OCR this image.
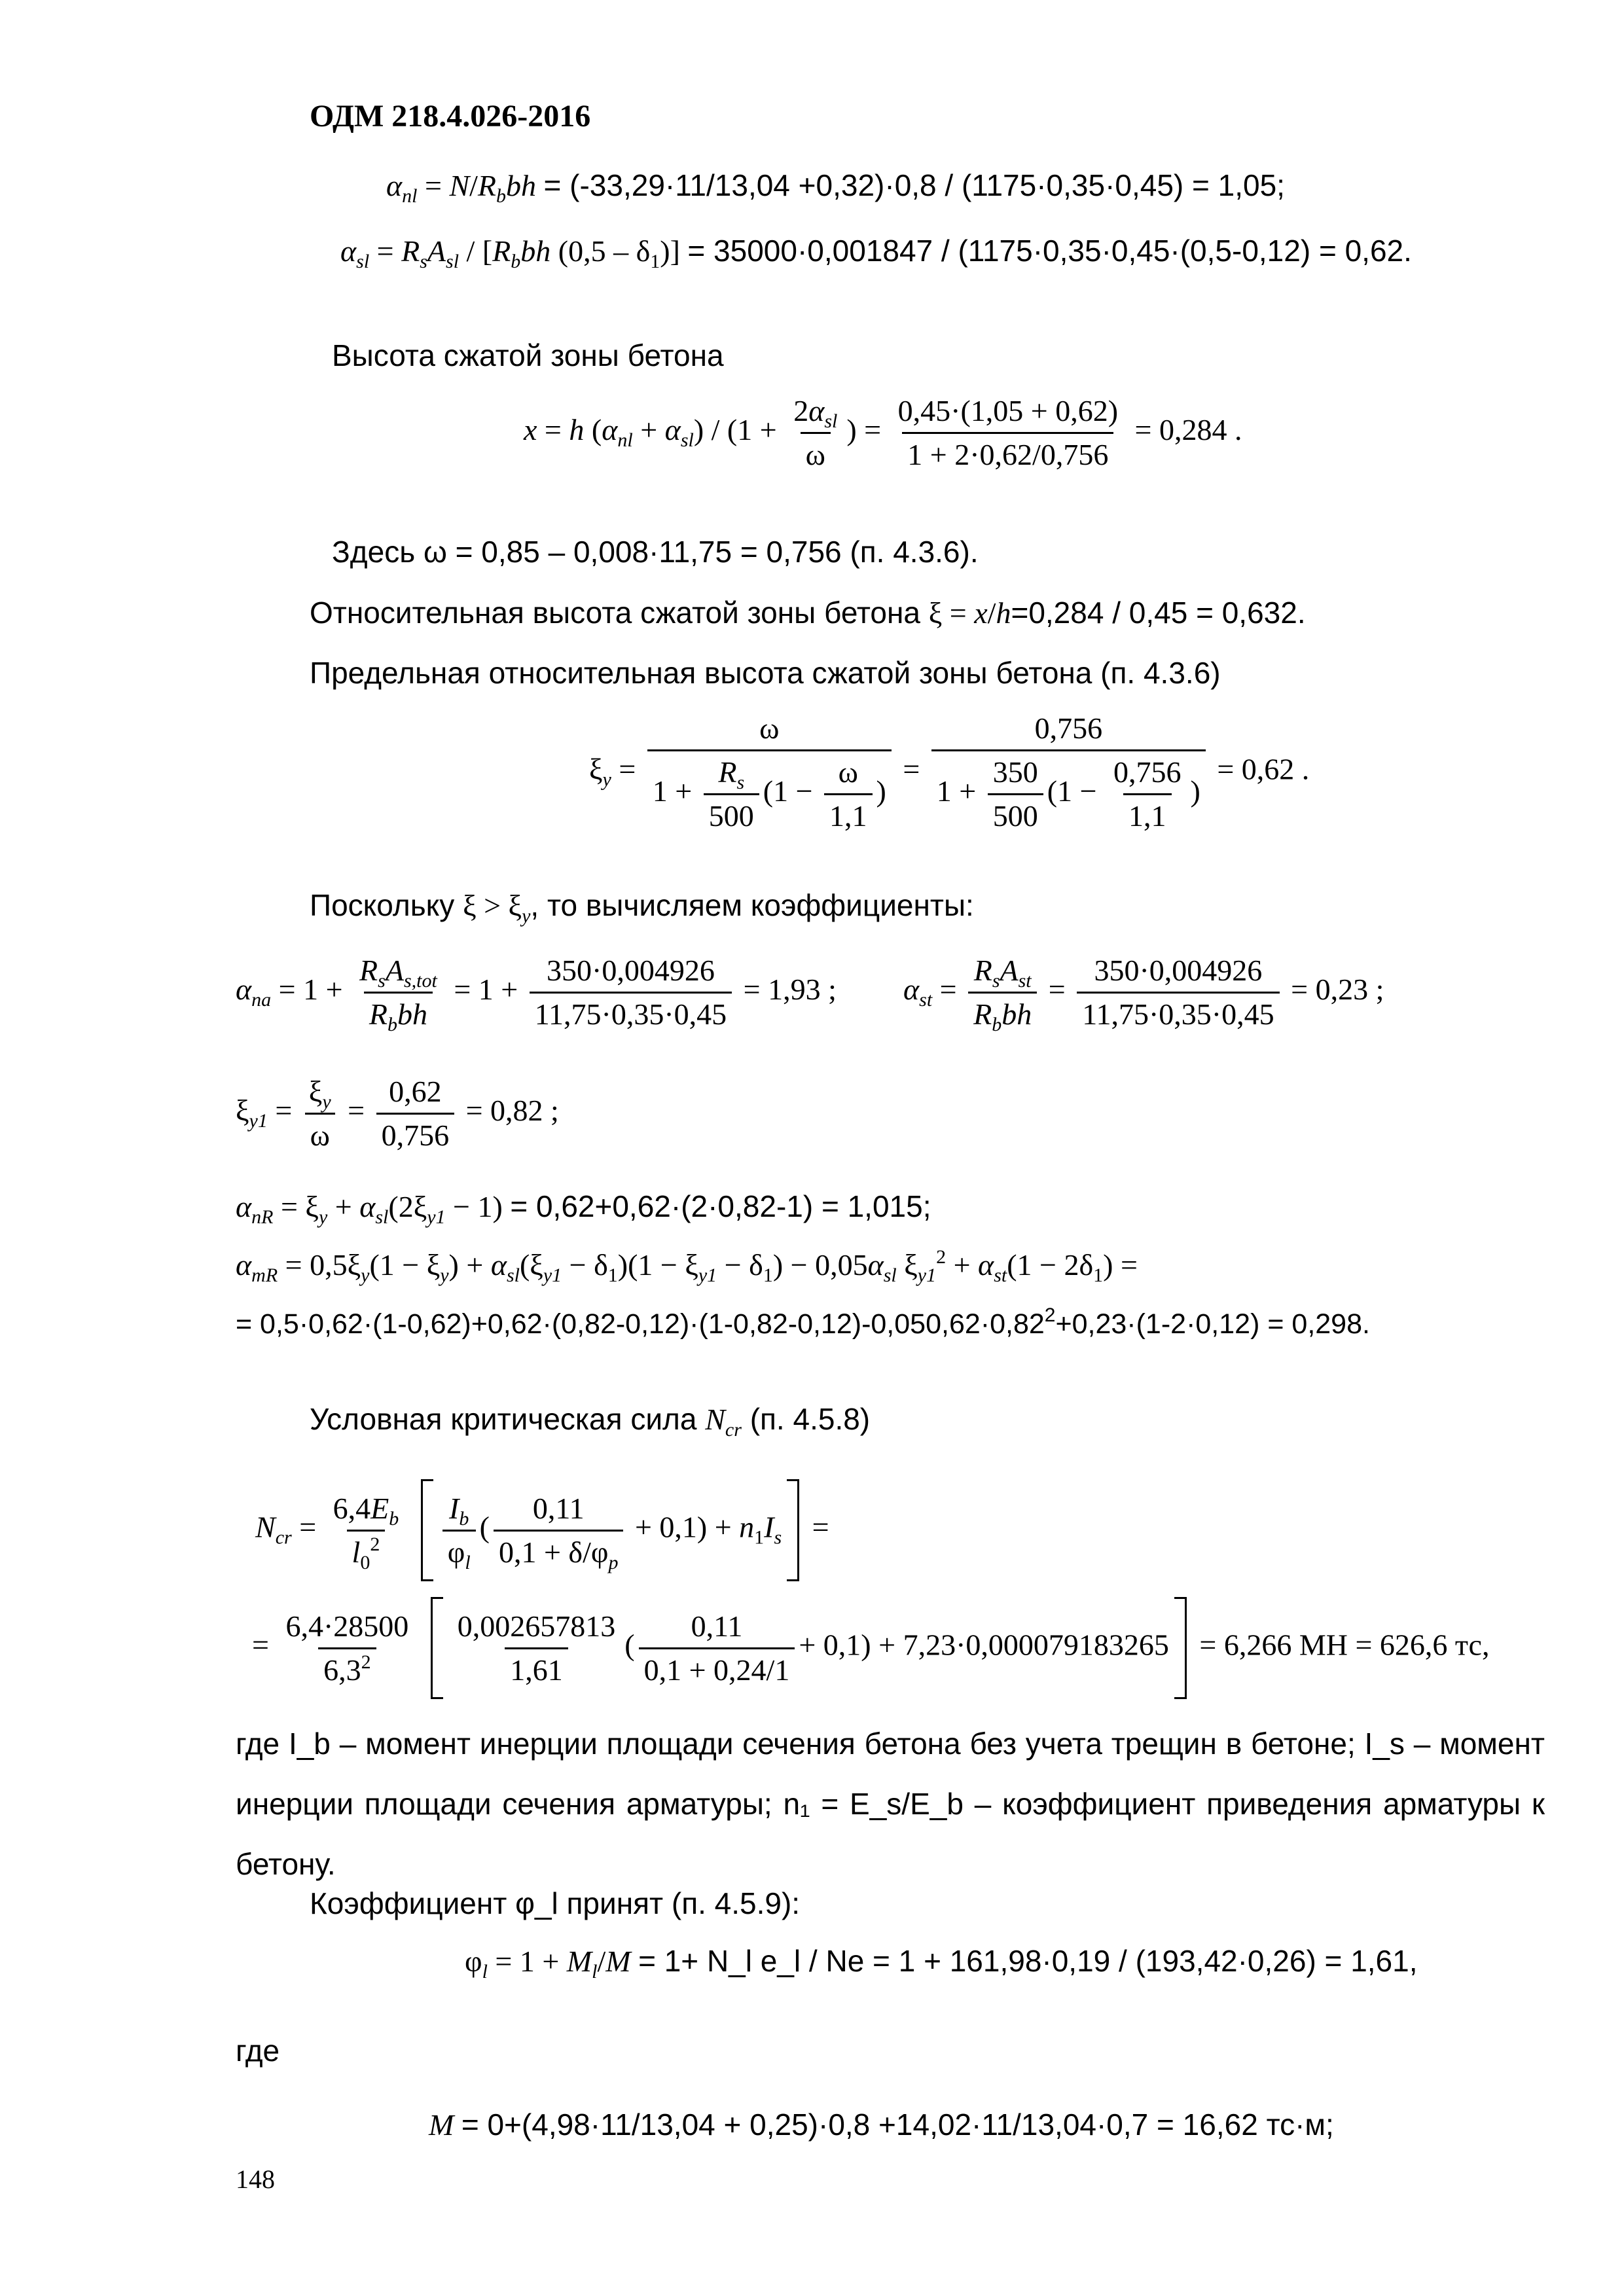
ОДМ 218.4.026-2016
$\alpha_{nl} = N/R_bbh = (-33,29\cdot 11/13,04 +0,32)\cdot 0,8 / (1175\cdot 0,35\cdot 0,45) = 1,05$;
$\alpha_{sl} = R_sA_{sl} / [R_bbh$ $(0,5 - \delta_1)] = 35000\cdot 0,001847 / (1175\cdot 0,35\cdot 0,45\cdot(0,5-0,12) = 0,62$.
Высота сжатой зоны бетона
x = h $(\alpha_{nl} + \alpha_{sl}) / (1 + \frac{2\alpha_{sl}}{\omega}$ ) = $\frac{0,45\cdot(1,05 + 0,62)}{1 + 2\cdot 0,62/0,756} = 0,284$ .
Здесь ω = 0,85 – 0,008·11,75 = 0,756 (п. 4.3.6).
Относительная высота сжатой зоны бетона ξ = x/h=0,284 / 0,45 = 0,632.
Предельная относительная высота сжатой зоны бетона (п. 4.3.6)
$\xi_y = \frac{\omega}{1 + \frac{R_s}{500} (1 - \frac{\omega}{1,1} )} = \frac{0,756}{1 + \frac{350}{500} (1 - \frac{0,756}{1,1} )} = 0,62$ .
Поскольку $\xi > \xi_y$, то вычисляем коэффициенты:
$\alpha_{na} = 1 + \frac{R_sA_{s,tot}}{R_bbh} = 1 + \frac{350\cdot 0,004926}{11,75\cdot 0,35\cdot 0,45} = 1,93$ ; $\alpha_{st} = \frac{R_sA_{st}}{R_bbh} = \frac{350\cdot 0,004926}{11,75\cdot 0,35\cdot 0,45} = 0,23$ ;
$\xi_{y1} = \frac{\xi_y}{\omega} = \frac{0,62}{0,756} = 0,82$ ;
$\alpha_{nR} = \xi_y + \alpha_{sl}(2\xi_{y1} - 1) = 0,62+0,62\cdot(2\cdot 0,82-1) = 1,015$;
$\alpha_{mR} = 0,5\xi_y(1 - \xi_y) + \alpha_{sl}(\xi_{y1} - \delta_1)(1 - \xi_{y1} - \delta_1) - 0,05\alpha_{sl}$ $\xi_{y1}^2 + \alpha_{st}(1 - 2\delta_1)$ =
= $0,5\cdot 0,62\cdot(1-0,62)+0,62\cdot(0,82-0,12)\cdot(1-0,82-0,12)-0,050,62\cdot 0,82^2+0,23\cdot(1-2\cdot 0,12) = 0,298$.
Условная критическая сила $N_{cr}$ (п. 4.5.8)
$N_{cr} = \frac{6,4E_b}{l_0^2}$
$\frac{I_b}{\varphi_l}$ ( $\frac{0,11}{0,1 + \delta/\varphi_p} + 0,1) + n_1I_s$ =
= $\frac{6,4\cdot 28500}{6,3^2}$
$\frac{0,002657813}{1,61}$ ( $\frac{0,11}{0,1 + 0,24/1} + 0,1) + 7,23\cdot 0,000079183265 = 6,266$ МН = 626,6 тс,
где I_b – момент инерции площади сечения бетона без учета трещин в бетоне; I_s – момент инерции площади сечения арматуры; n₁ = E_s/E_b – коэффициент приведения арматуры к бетону.
Коэффициент φ_l принят (п. 4.5.9):
$\varphi_l = 1 + M_l/M = 1+$ N_l e_l / Ne = 1 + 161,98·0,19 / (193,42·0,26) = 1,61,
где
M = 0+(4,98·11/13,04 + 0,25)·0,8 +14,02·11/13,04·0,7 = 16,62 тс·м;
148
